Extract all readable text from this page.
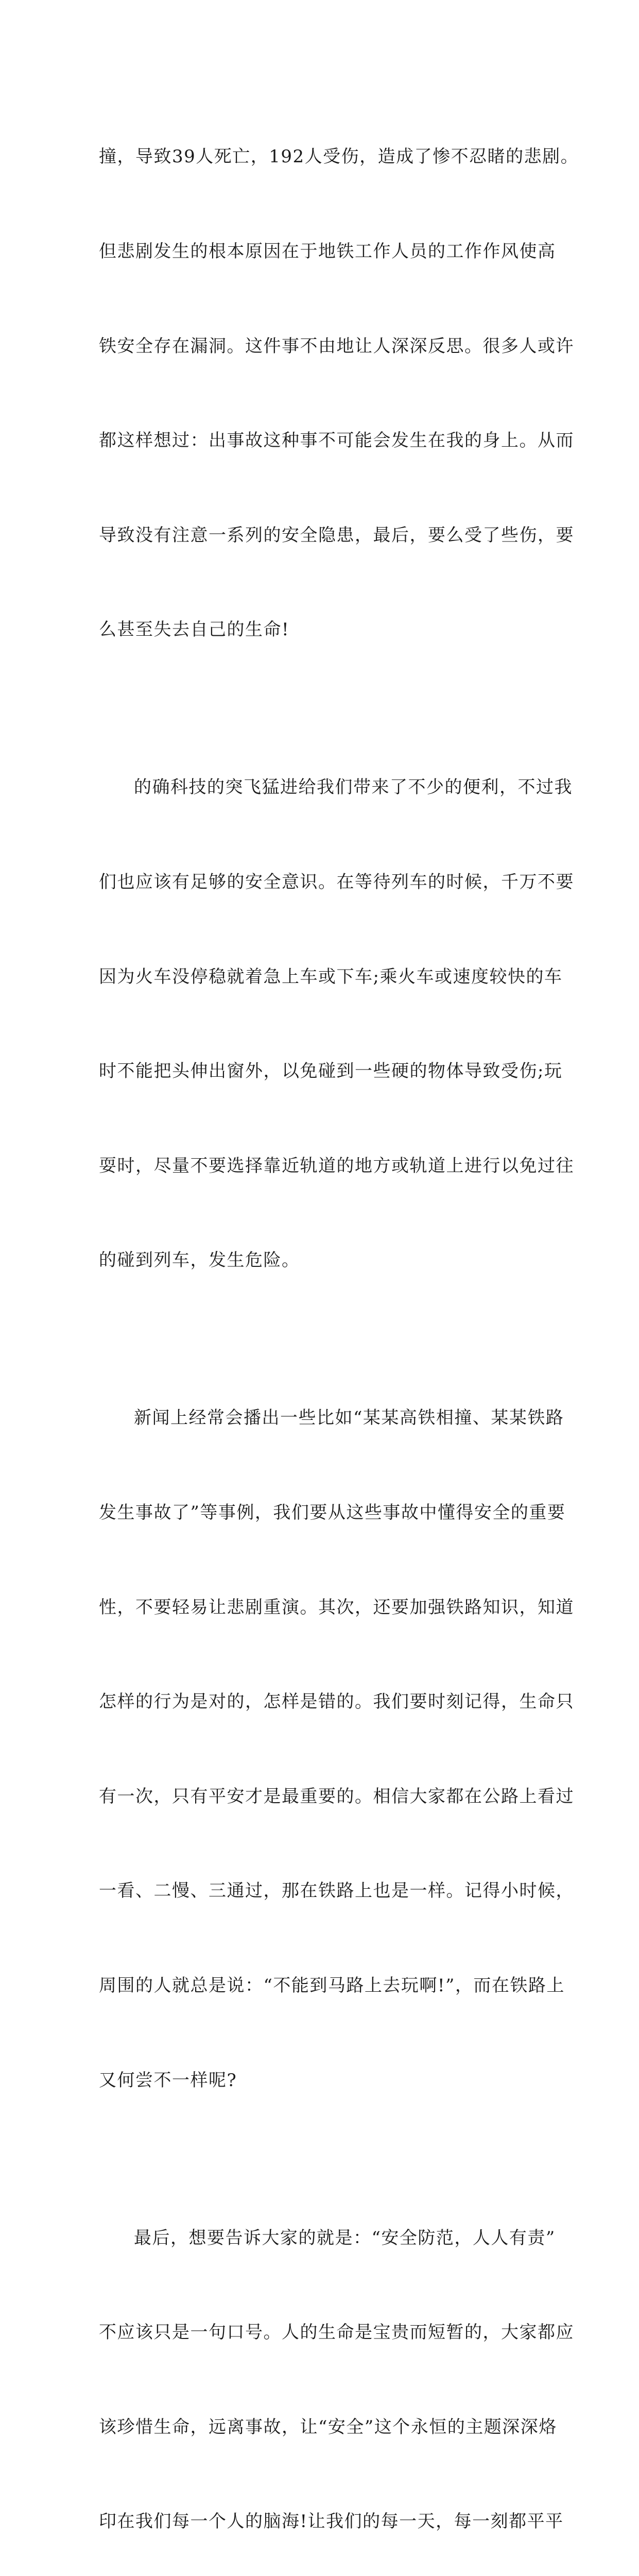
撞，导致39人死亡，192人受伤，造成了惨不忍睹的悲剧。

但悲剧发生的根本原因在于地铁工作人员的工作作风使高

铁安全存在漏洞。这件事不由地让人深深反思。很多人或许

都这样想过：出事故这种事不可能会发生在我的身上。从而

导致没有注意一系列的安全隐患，最后，要么受了些伤，要

么甚至失去自己的生命!

的确科技的突飞猛进给我们带来了不少的便利，不过我

们也应该有足够的安全意识。在等待列车的时候，千万不要

因为火车没停稳就着急上车或下车;乘火车或速度较快的车

时不能把头伸出窗外，以免碰到一些硬的物体导致受伤;玩

耍时，尽量不要选择靠近轨道的地方或轨道上进行以免过往

的碰到列车，发生危险。

新闻上经常会播出一些比如“某某高铁相撞、某某铁路

发生事故了”等事例，我们要从这些事故中懂得安全的重要

性，不要轻易让悲剧重演。其次，还要加强铁路知识，知道

怎样的行为是对的，怎样是错的。我们要时刻记得，生命只

有一次，只有平安才是最重要的。相信大家都在公路上看过

一看、二慢、三通过，那在铁路上也是一样。记得小时候，

周围的人就总是说：“不能到马路上去玩啊!”，而在铁路上

又何尝不一样呢?

最后，想要告诉大家的就是：“安全防范，人人有责”

不应该只是一句口号。人的生命是宝贵而短暂的，大家都应

该珍惜生命，远离事故，让“安全”这个永恒的主题深深烙

印在我们每一个人的脑海!让我们的每一天，每一刻都平平
